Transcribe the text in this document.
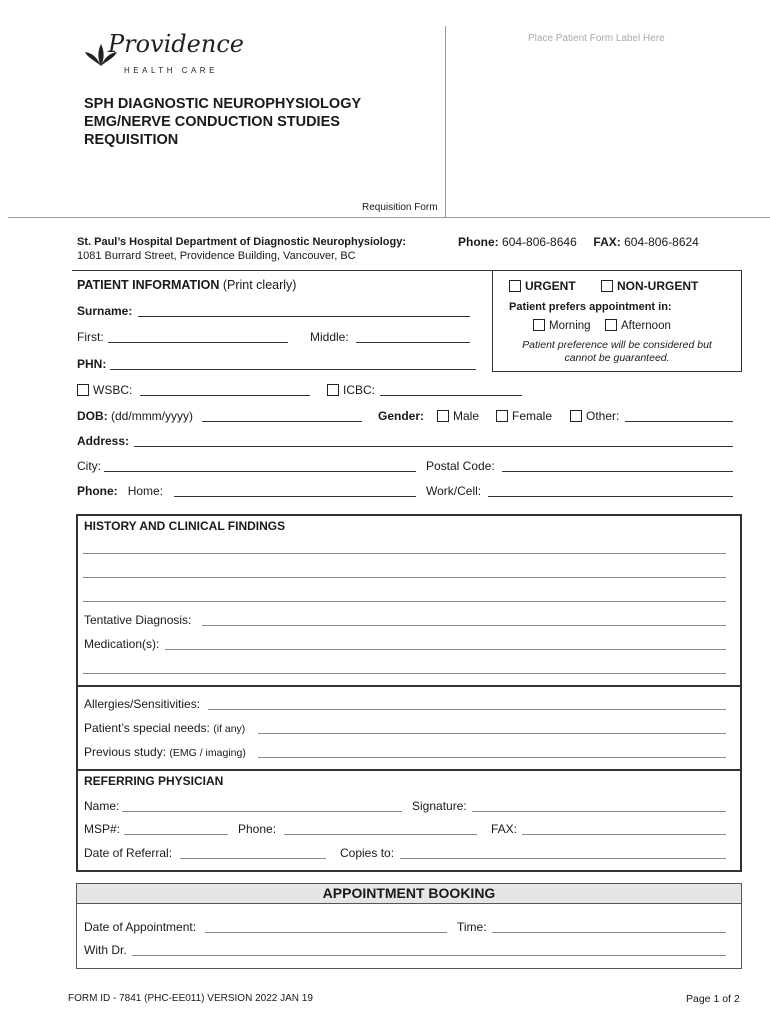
Providence
HEALTH CARE
SPH DIAGNOSTIC NEUROPHYSIOLOGY
EMG/NERVE CONDUCTION STUDIES
REQUISITION
Place Patient Form Label Here
Requisition Form
St. Paul’s Hospital Department of Diagnostic Neurophysiology:
1081 Burrard Street, Providence Building, Vancouver, BC
Phone: 604-806-8646 FAX: 604-806-8624
PATIENT INFORMATION (Print clearly)	URGENT	NON-URGENT
Patient prefers appointment in:
Morning	Afternoon
Patient preference will be considered but
cannot be guaranteed.
Surname:
First:	Middle:
PHN:
WSBC:	ICBC:
DOB: (dd/mmm/yyyy)	Gender:	Male	Female	Other:
Address:
City:	Postal Code:
Phone: Home:	Work/Cell:
HISTORY AND CLINICAL FINDINGS
Tentative Diagnosis:
Medication(s):
Allergies/Sensitivities:
Patient’s special needs: (if any)
Previous study: (EMG / imaging)
REFERRING PHYSICIAN
Name:	Signature:
MSP#:	Phone:	FAX:
Date of Referral:	Copies to:
APPOINTMENT BOOKING
Date of Appointment:	Time:
With Dr.
FORM ID - 7841 (PHC-EE011) VERSION 2022 JAN 19	Page 1 of 2
